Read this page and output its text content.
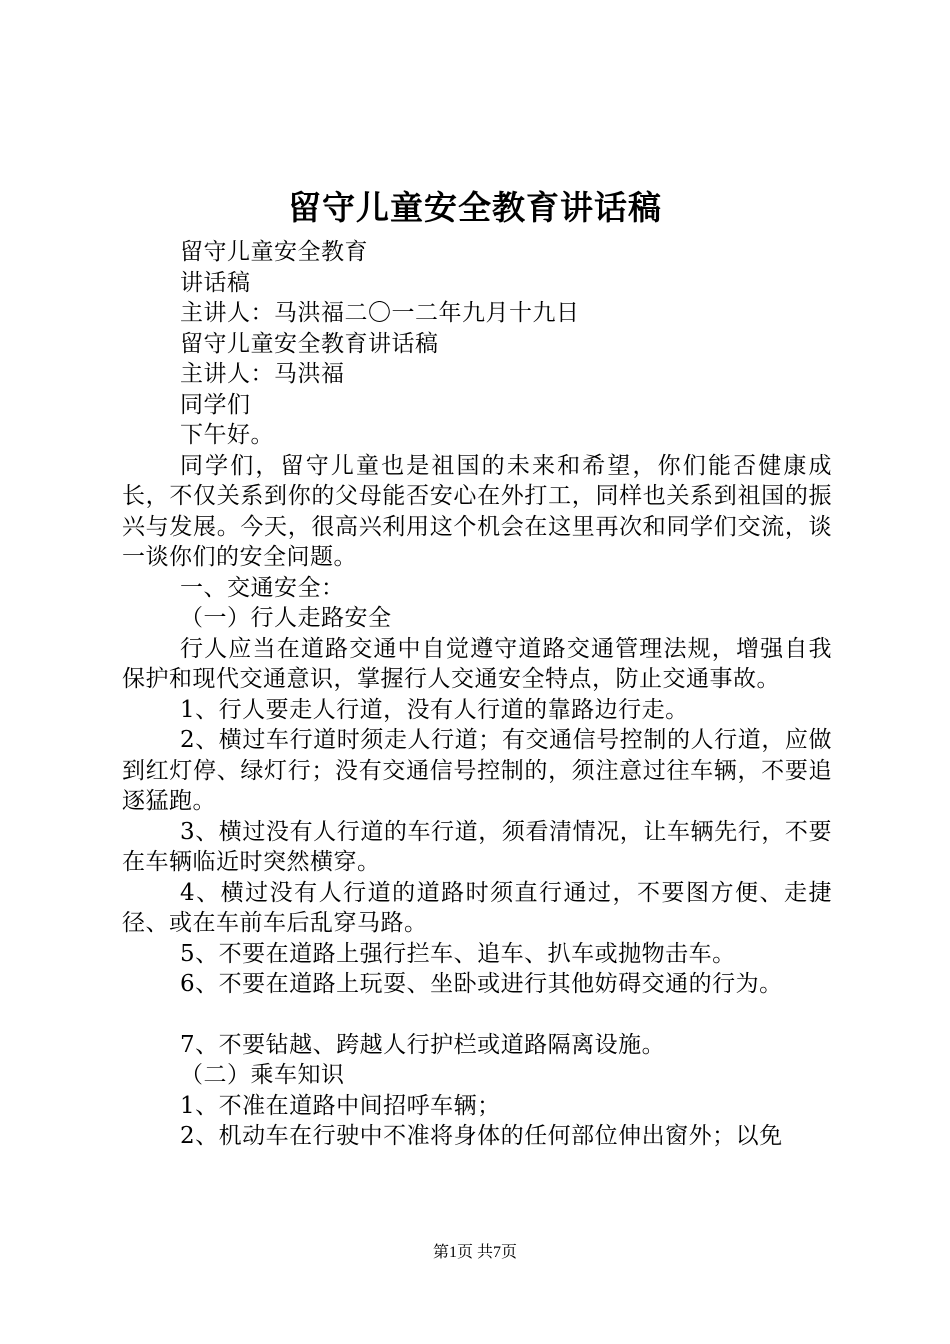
留守儿童安全教育讲话稿

留守儿童安全教育

讲话稿

主讲人：马洪福二〇一二年九月十九日

留守儿童安全教育讲话稿

主讲人：马洪福

同学们

下午好。

同学们，留守儿童也是祖国的未来和希望，你们能否健康成长，不仅关系到你的父母能否安心在外打工，同样也关系到祖国的振兴与发展。今天，很高兴利用这个机会在这里再次和同学们交流，谈一谈你们的安全问题。

一、交通安全：

（一）行人走路安全

行人应当在道路交通中自觉遵守道路交通管理法规，增强自我保护和现代交通意识，掌握行人交通安全特点，防止交通事故。

1、行人要走人行道，没有人行道的靠路边行走。

2、横过车行道时须走人行道；有交通信号控制的人行道，应做到红灯停、绿灯行；没有交通信号控制的，须注意过往车辆，不要追逐猛跑。

3、横过没有人行道的车行道，须看清情况，让车辆先行，不要在车辆临近时突然横穿。

4、横过没有人行道的道路时须直行通过，不要图方便、走捷径、或在车前车后乱穿马路。

5、不要在道路上强行拦车、追车、扒车或抛物击车。

6、不要在道路上玩耍、坐卧或进行其他妨碍交通的行为。

7、不要钻越、跨越人行护栏或道路隔离设施。

（二）乘车知识

1、不准在道路中间招呼车辆；

2、机动车在行驶中不准将身体的任何部位伸出窗外；以免

第1页 共7页
